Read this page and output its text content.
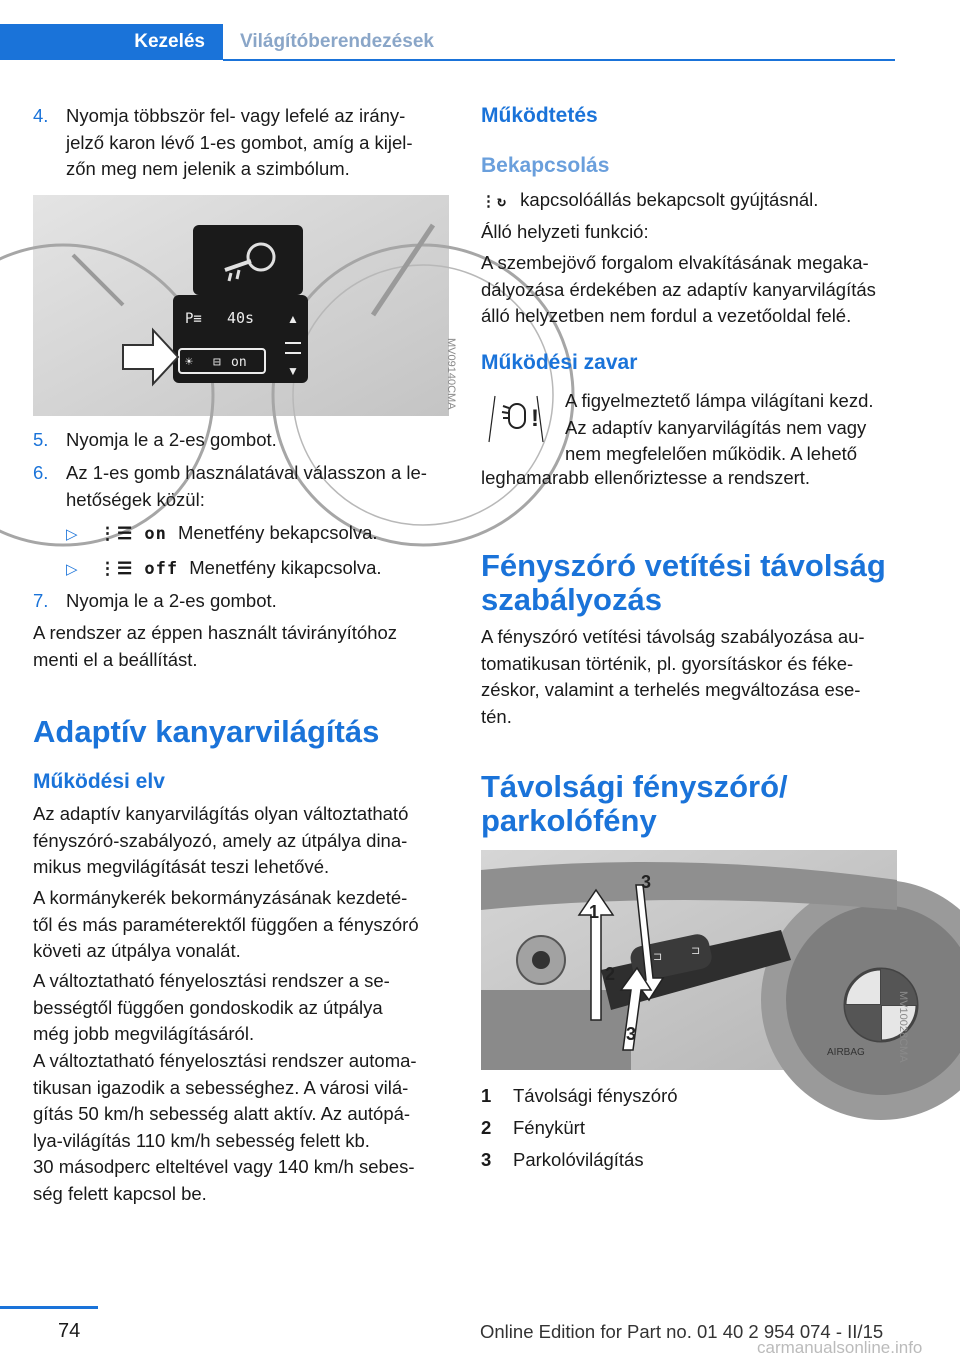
Kezelés	Világítóberendezések
4. Nyomja többször fel- vagy lefelé az irány‐
jelző karon lévő 1-es gombot, amíg a kijel‐
zőn meg nem jelenik a szimbólum.
P≡ 40s
☀ ⊟ on
▲
▼	MV09140CMA
5. Nyomja le a 2-es gombot.
6. Az 1-es gomb használatával válasszon a le‐
hetőségek közül:
▷	⋮☰ on Menetfény bekapcsolva.
▷	⋮☰ off Menetfény kikapcsolva.
7. Nyomja le a 2-es gombot.
A rendszer az éppen használt távirányítóhoz
menti el a beállítást.
Adaptív kanyarvilágítás
Működési elv
Az adaptív kanyarvilágítás olyan változtatható
fényszóró-szabályozó, amely az útpálya dina‐
mikus megvilágítását teszi lehetővé.
A kormánykerék bekormányzásának kezdeté‐
től és más paraméterektől függően a fényszóró
követi az útpálya vonalát.
A változtatható fényelosztási rendszer a se‐
bességtől függően gondoskodik az útpálya
még jobb megvilágításáról.
A változtatható fényelosztási rendszer automa‐
tikusan igazodik a sebességhez. A városi vilá‐
gítás 50 km/h sebesség alatt aktív. Az autópá‐
lya-világítás 110 km/h sebesség felett kb.
30 másodperc elteltével vagy 140 km/h sebes‐
ség felett kapcsol be.
Működtetés
Bekapcsolás
⋮↻ kapcsolóállás bekapcsolt gyújtásnál.
Álló helyzeti funkció:
A szembejövő forgalom elvakításának megaka‐
dályozása érdekében az adaptív kanyarvilágítás
álló helyzetben nem fordul a vezetőoldal felé.
Működési zavar
!
A figyelmeztető lámpa világítani kezd.
Az adaptív kanyarvilágítás nem vagy
nem megfelelően működik. A lehető
leghamarabb ellenőriztesse a rendszert.
Fényszóró vetítési távolság
szabályozás
A fényszóró vetítési távolság szabályozása au‐
tomatikusan történik, pl. gyorsításkor és féke‐
zéskor, valamint a terhelés megváltozása ese‐
tén.
Távolsági fényszóró/
parkolófény
AIRBAG
⊐	⊐
1
3
3
2
MV10028CMA
1 Távolsági fényszóró
2 Fénykürt
3 Parkolóvilágítás
74	Online Edition for Part no. 01 40 2 954 074 - II/15
carmanualsonline.info
